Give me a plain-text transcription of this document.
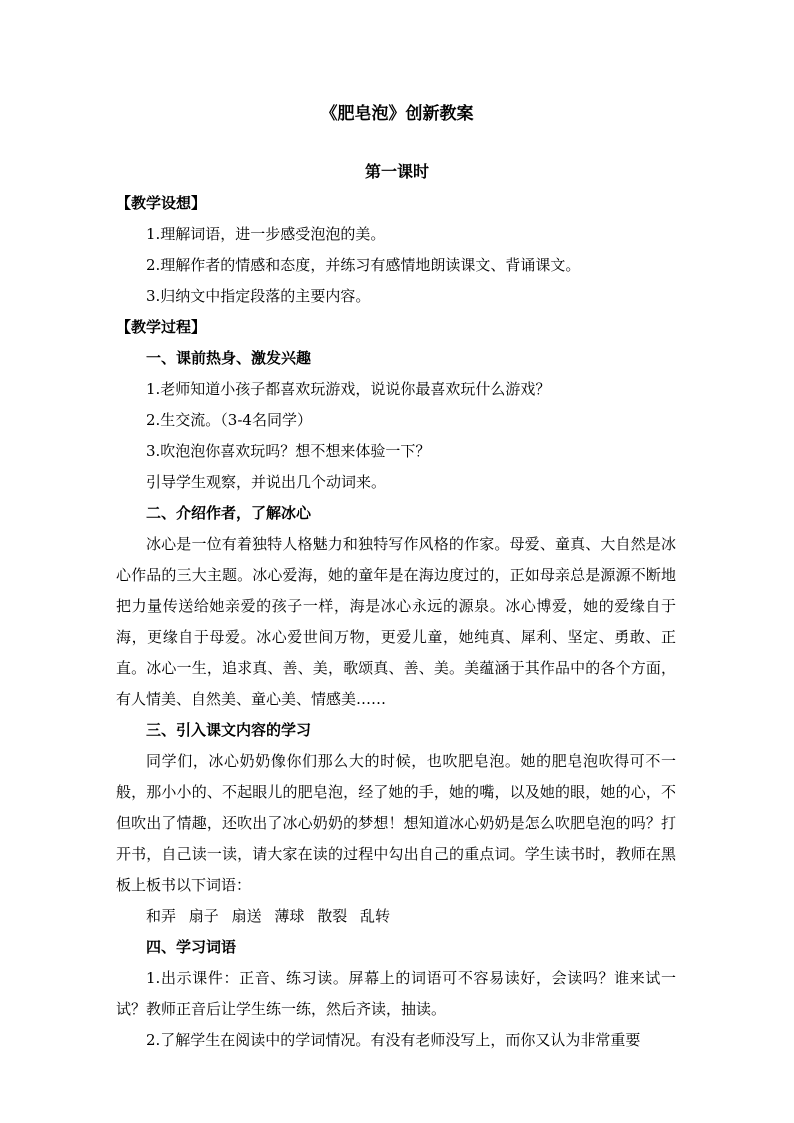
《肥皂泡》创新教案
第一课时

【教学设想】

1.理解词语，进一步感受泡泡的美。

2.理解作者的情感和态度，并练习有感情地朗读课文、背诵课文。

3.归纳文中指定段落的主要内容。

【教学过程】

一、课前热身、激发兴趣

1.老师知道小孩子都喜欢玩游戏，说说你最喜欢玩什么游戏？

2.生交流。（3-4名同学）

3.吹泡泡你喜欢玩吗？想不想来体验一下？

引导学生观察，并说出几个动词来。

二、介绍作者，了解冰心

冰心是一位有着独特人格魅力和独特写作风格的作家。母爱、童真、大自然是冰心作品的三大主题。冰心爱海，她的童年是在海边度过的，正如母亲总是源源不断地把力量传送给她亲爱的孩子一样，海是冰心永远的源泉。冰心博爱，她的爱缘自于海，更缘自于母爱。冰心爱世间万物，更爱儿童，她纯真、犀利、坚定、勇敢、正直。冰心一生，追求真、善、美，歌颂真、善、美。美蕴涵于其作品中的各个方面，有人情美、自然美、童心美、情感美……

三、引入课文内容的学习

同学们，冰心奶奶像你们那么大的时候，也吹肥皂泡。她的肥皂泡吹得可不一般，那小小的、不起眼儿的肥皂泡，经了她的手，她的嘴，以及她的眼，她的心，不但吹出了情趣，还吹出了冰心奶奶的梦想！想知道冰心奶奶是怎么吹肥皂泡的吗？打开书，自己读一读，请大家在读的过程中勾出自己的重点词。学生读书时，教师在黑板上板书以下词语：

和弄 扇子 扇送 薄球 散裂 乱转

四、学习词语

1.出示课件：正音、练习读。屏幕上的词语可不容易读好，会读吗？谁来试一试？教师正音后让学生练一练，然后齐读，抽读。

2.了解学生在阅读中的学词情况。有没有老师没写上，而你又认为非常重要
